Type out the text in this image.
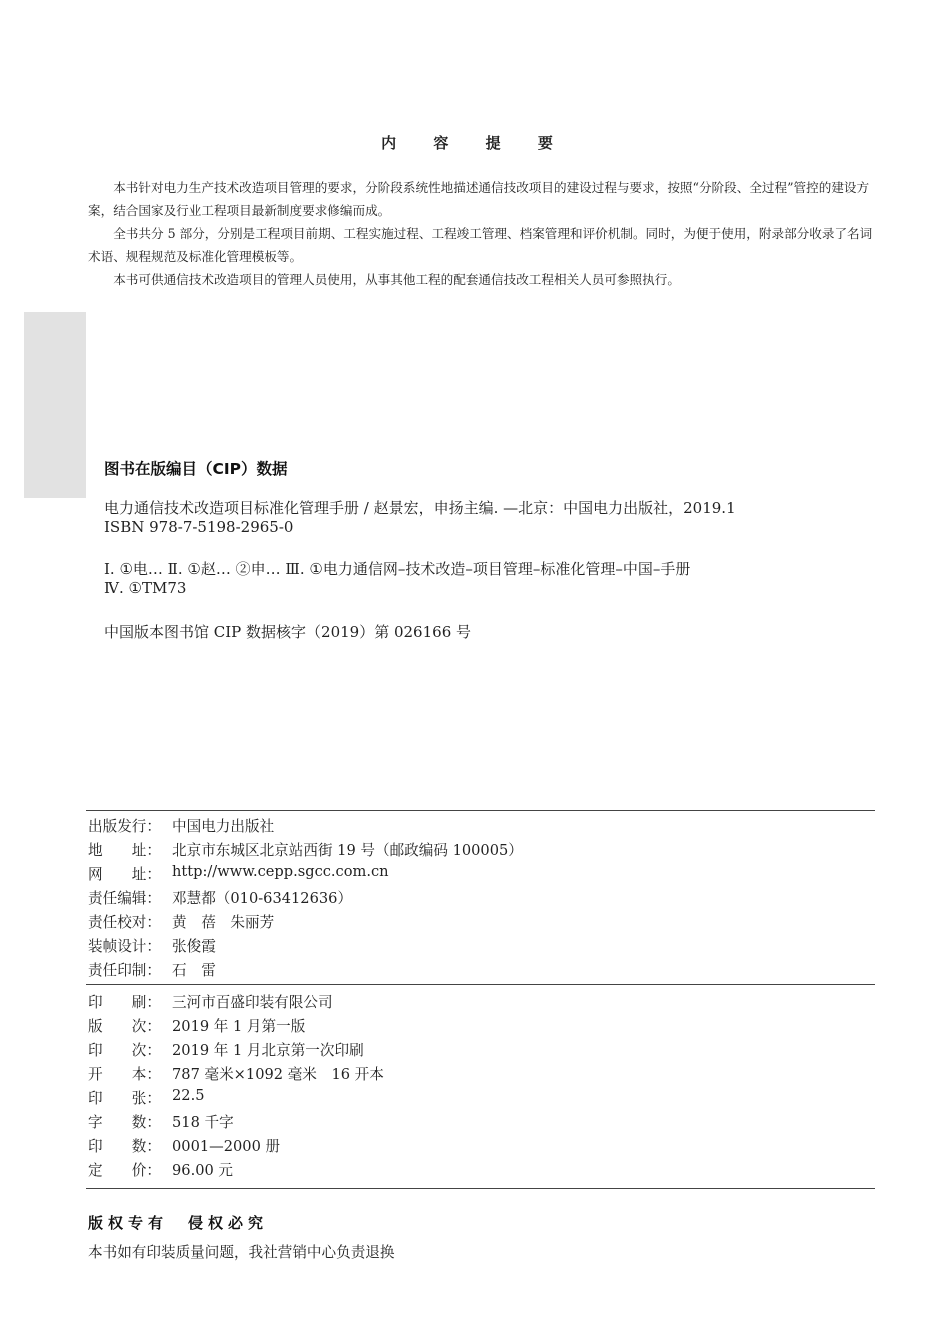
内 容 提 要

本书针对电力生产技术改造项目管理的要求，分阶段系统性地描述通信技改项目的建设过程与要求，按照“分阶段、全过程”管控的建设方案，结合国家及行业工程项目最新制度要求修编而成。

全书共分 5 部分，分别是工程项目前期、工程实施过程、工程竣工管理、档案管理和评价机制。同时，为便于使用，附录部分收录了名词术语、规程规范及标准化管理模板等。

本书可供通信技术改造项目的管理人员使用，从事其他工程的配套通信技改工程相关人员可参照执行。

图书在版编目（CIP）数据
电力通信技术改造项目标准化管理手册 / 赵景宏，申扬主编. —北京：中国电力出版社，2019.1
ISBN 978-7-5198-2965-0
Ⅰ. ①电… Ⅱ. ①赵… ②申… Ⅲ. ①电力通信网–技术改造–项目管理–标准化管理–中国–手册
Ⅳ. ①TM73
中国版本图书馆 CIP 数据核字（2019）第 026166 号
出版发行： 中国电力出版社
地　　址： 北京市东城区北京站西街 19 号（邮政编码 100005）
网　　址： http://www.cepp.sgcc.com.cn
责任编辑： 邓慧都（010-63412636）
责任校对： 黄　蓓　朱丽芳
装帧设计： 张俊霞
责任印制： 石　雷
印　　刷： 三河市百盛印装有限公司
版　　次： 2019 年 1 月第一版
印　　次： 2019 年 1 月北京第一次印刷
开　　本： 787 毫米×1092 毫米　16 开本
印　　张： 22.5
字　　数： 518 千字
印　　数： 0001—2000 册
定　　价： 96.00 元
版权专有　侵权必究
本书如有印装质量问题，我社营销中心负责退换
